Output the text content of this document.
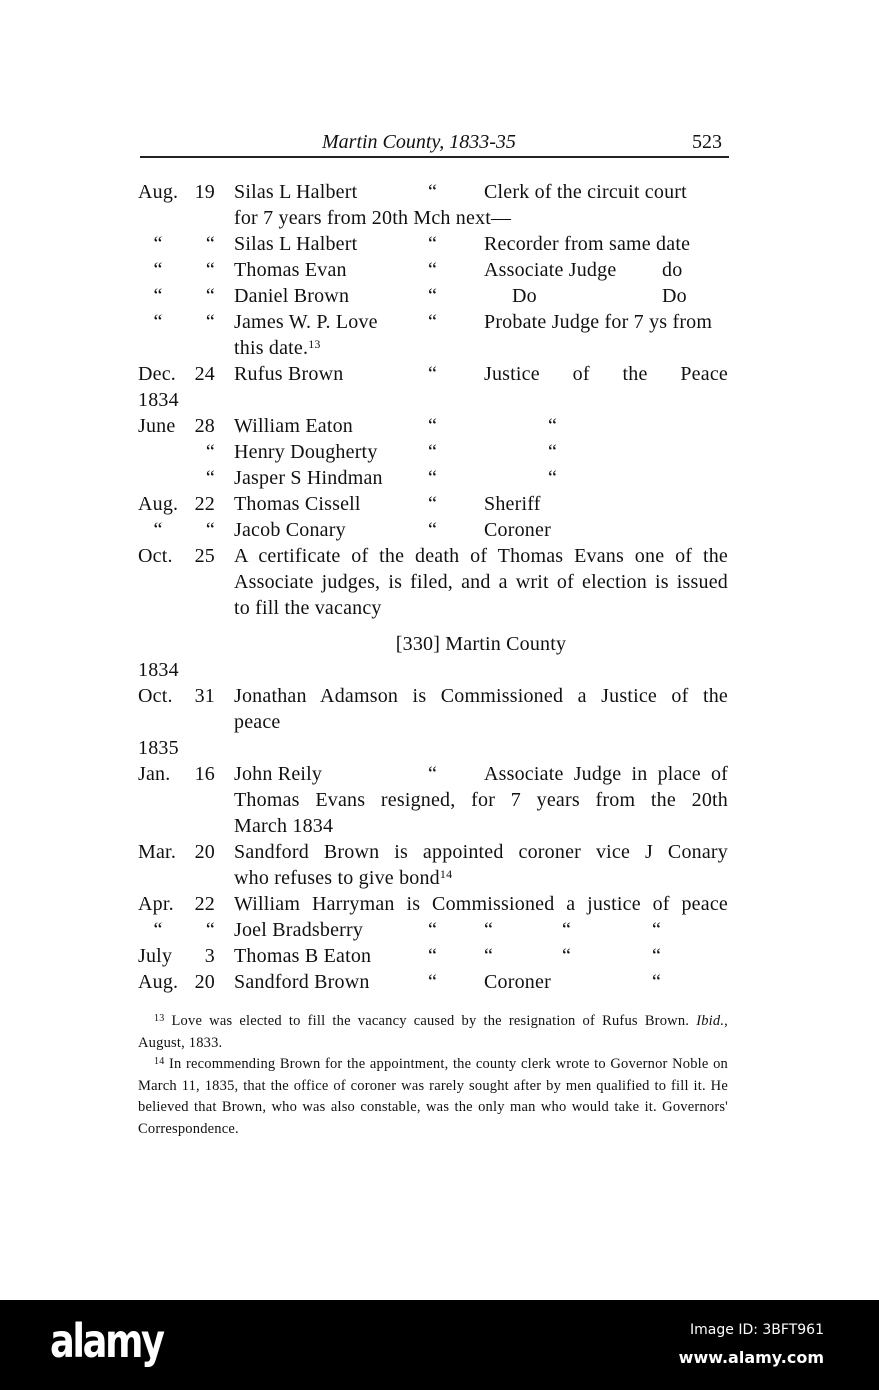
Martin County, 1833-35	523
Aug. 19 Silas L Halbert	“ Clerk of the circuit court
for 7 years from 20th Mch next—
“	“ Silas L Halbert	“ Recorder from same date
“	“ Thomas Evan	“ Associate Judge do
“	“ Daniel Brown	“	Do	Do
“	“ James W. P. Love	“ Probate Judge for 7 ys from
this date.$^{13}$
Dec. 24 Rufus Brown	“ Justice of the Peace
1834
June 28 William Eaton	“	“
“ Henry Dougherty	“	“
“ Jasper S Hindman “	“
Aug. 22 Thomas Cissell	“ Sheriff
“	“ Jacob Conary	“ Coroner
Oct.	25 A certificate of the death of Thomas Evans one of the
Associate judges, is filed, and a writ of election is issued
to fill the vacancy
[330] Martin County
1834
Oct.	31 Jonathan Adamson is Commissioned a Justice of the
peace
1835
Jan.	16 John Reily	“ Associate Judge in place of
Thomas Evans resigned, for 7 years from the 20th
March 1834
Mar. 20 Sandford Brown is appointed coroner vice J Conary
who refuses to give bond$^{14}$
Apr.	22 William Harryman is Commissioned a justice of peace
“	“ Joel Bradsberry	“ “	“	“
July	3 Thomas B Eaton	“ “	“	“
Aug. 20 Sandford Brown	“ Coroner	“

$^{13}$ Love was elected to fill the vacancy caused by the resignation of Rufus Brown. Ibid., August, 1833.

$^{14}$ In recommending Brown for the appointment, the county clerk wrote to Governor Noble on March 11, 1835, that the office of coroner was rarely sought after by men qualified to fill it. He believed that Brown, who was also constable, was the only man who would take it. Governors' Correspondence.

alamy	Image ID: 3BFT961
www.alamy.com
